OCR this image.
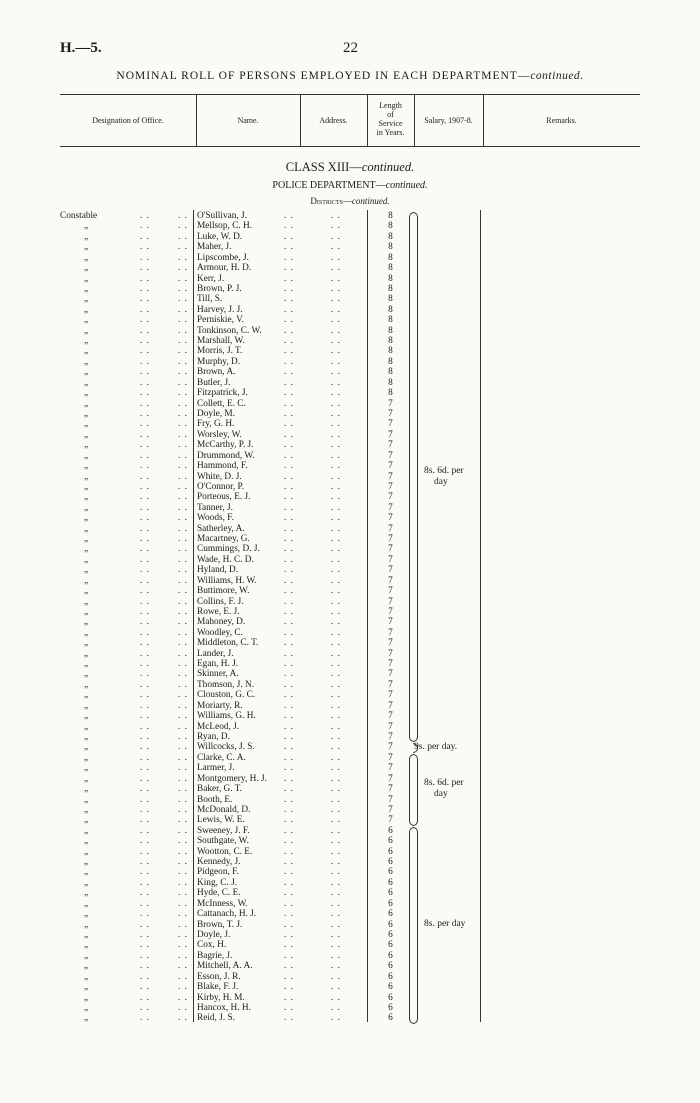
H.—5.	22
NOMINAL ROLL OF PERSONS EMPLOYED IN EACH DEPARTMENT—continued.
Designation of Office.	Name.	Address.
Length
of
Service
in Years.
Salary, 1907-8.	Remarks.
CLASS XIII—continued.
POLICE DEPARTMENT—continued.
Districts—continued.
Constable	. .	. . O'Sullivan, J.	. .	. .	8
„	. .	. . Mellsop, C. H.	. .	. .	8
„	. .	. . Luke, W. D.	. .	. .	8
„	. .	. . Maher, J.	. .	. .	8
„	. .	. . Lipscombe, J.	. .	. .	8
„	. .	. . Armour, H. D.	. .	. .	8
„	. .	. . Kerr, J.	. .	. .	8
„	. .	. . Brown, P. J.	. .	. .	8
„	. .	. . Till, S.	. .	. .	8
„	. .	. . Harvey, J. J.	. .	. .	8
„	. .	. . Perniskie, V.	. .	. .	8
„	. .	. . Tonkinson, C. W. . .	. .	8
„	. .	. . Marshall, W.	. .	. .	8
„	. .	. . Morris, J. T.	. .	. .	8
„	. .	. . Murphy, D.	. .	. .	8
„	. .	. . Brown, A.	. .	. .	8
„	. .	. . Butler, J.	. .	. .	8
„	. .	. . Fitzpatrick, J.	. .	. .	8
„	. .	. . Collett, E. C.	. .	. .	7
„	. .	. . Doyle, M.	. .	. .	7
„	. .	. . Fry, G. H.	. .	. .	7
„	. .	. . Worsley, W.	. .	. .	7
„	. .	. . McCarthy, P. J.	. .	. .	7
„	. .	. . Drummond, W.	. .	. .	7
„	. .	. . Hammond, F.	. .	. .	7
„	. .	. . White, D. J.	. .	. .	7
„	. .	. . O'Connor, P.	. .	. .	7
„	. .	. . Porteous, E. J.	. .	. .	7
„	. .	. . Tanner, J.	. .	. .	7
„	. .	. . Woods, F.	. .	. .	7
„	. .	. . Satherley, A.	. .	. .	7
„	. .	. . Macartney, G.	. .	. .	7
„	. .	. . Cummings, D. J.	. .	. .	7
„	. .	. . Wade, H. C. D.	. .	. .	7
„	. .	. . Hyland, D.	. .	. .	7
„	. .	. . Williams, H. W.	. .	. .	7
„	. .	. . Buttimore, W.	. .	. .	7
„	. .	. . Collins, F. J.	. .	. .	7
„	. .	. . Rowe, E. J.	. .	. .	7
„	. .	. . Mahoney, D.	. .	. .	7
„	. .	. . Woodley, C.	. .	. .	7
„	. .	. . Middleton, C. T.	. .	. .	7
„	. .	. . Lander, J.	. .	. .	7
„	. .	. . Egan, H. J.	. .	. .	7
„	. .	. . Skinner, A.	. .	. .	7
„	. .	. . Thomson, J. N.	. .	. .	7
„	. .	. . Clouston, G. C.	. .	. .	7
„	. .	. . Moriarty, R.	. .	. .	7
„	. .	. . Williams, G. H.	. .	. .	7
„	. .	. . McLeod, J.	. .	. .	7
„	. .	. . Ryan, D.	. .	. .	7
„	. .	. . Willcocks, J. S.	. .	. .	7
„	. .	. . Clarke, C. A.	. .	. .	7
„	. .	. . Larmer, J.	. .	. .	7
„	. .	. . Montgomery, H. J. . .	. .	7
„	. .	. . Baker, G. T.	. .	. .	7
„	. .	. . Booth, E.	. .	. .	7
„	. .	. . McDonald, D.	. .	. .	7
„	. .	. . Lewis, W. E.	. .	. .	7
„	. .	. . Sweeney, J. F.	. .	. .	6
„	. .	. . Southgate, W.	. .	. .	6
„	. .	. . Wootton, C. E.	. .	. .	6
„	. .	. . Kennedy, J.	. .	. .	6
„	. .	. . Pidgeon, F.	. .	. .	6
„	. .	. . King, C. J.	. .	. .	6
„	. .	. . Hyde, C. E.	. .	. .	6
„	. .	. . McInness, W.	. .	. .	6
„	. .	. . Cattanach, H. J.	. .	. .	6
„	. .	. . Brown, T. J.	. .	. .	6
„	. .	. . Doyle, J.	. .	. .	6
„	. .	. . Cox, H.	. .	. .	6
„	. .	. . Bagrie, J.	. .	. .	6
„	. .	. . Mitchell, A. A.	. .	. .	6
„	. .	. . Esson, J. R.	. .	. .	6
„	. .	. . Blake, F. J.	. .	. .	6
„	. .	. . Kirby, H. M.	. .	. .	6
„	. .	. . Hancox, H. H.	. .	. .	6
„	. .	. . Reid, J. S.	. .	. .	6
8s. 6d. per
day
9s. per day.
8s. 6d. per
day
8s. per day
